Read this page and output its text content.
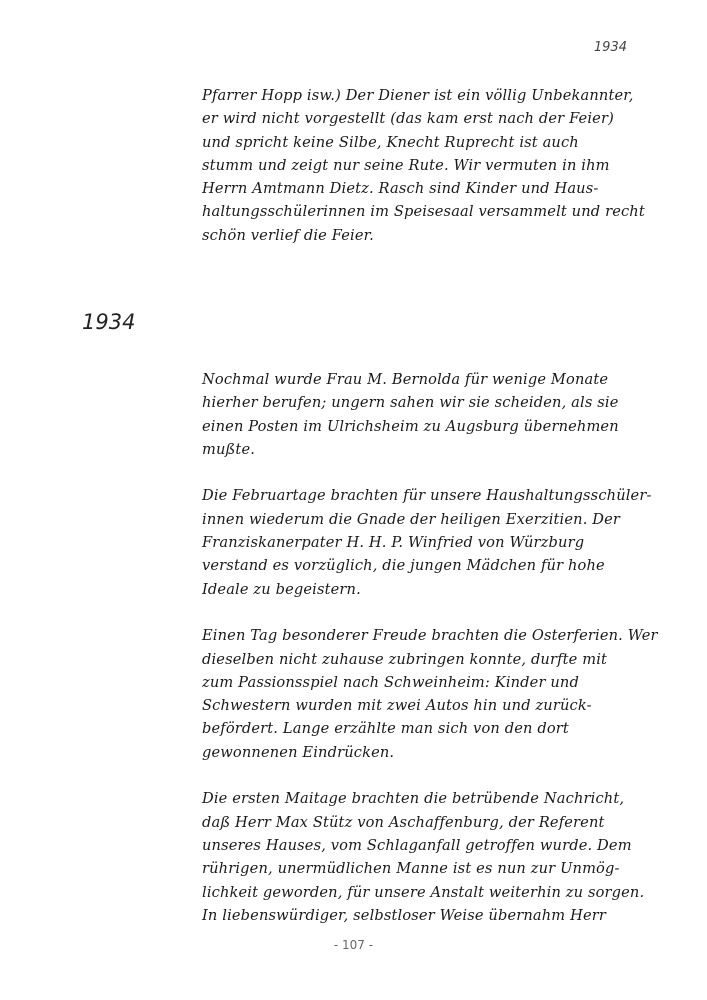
1934
Pfarrer Hopp isw.) Der Diener ist ein völlig Unbekannter,
er wird nicht vorgestellt (das kam erst nach der Feier)
und spricht keine Silbe, Knecht Ruprecht ist auch
stumm und zeigt nur seine Rute. Wir vermuten in ihm
Herrn Amtmann Dietz. Rasch sind Kinder und Haus-
haltungsschülerinnen im Speisesaal versammelt und recht
schön verlief die Feier.
1934
Nochmal wurde Frau M. Bernolda für wenige Monate
hierher berufen; ungern sahen wir sie scheiden, als sie
einen Posten im Ulrichsheim zu Augsburg übernehmen
mußte.
Die Februartage brachten für unsere Haushaltungsschüler-
innen wiederum die Gnade der heiligen Exerzitien. Der
Franziskanerpater H. H. P. Winfried von Würzburg
verstand es vorzüglich, die jungen Mädchen für hohe
Ideale zu begeistern.
Einen Tag besonderer Freude brachten die Osterferien. Wer
dieselben nicht zuhause zubringen konnte, durfte mit
zum Passionsspiel nach Schweinheim: Kinder und
Schwestern wurden mit zwei Autos hin und zurück-
befördert. Lange erzählte man sich von den dort
gewonnenen Eindrücken.
Die ersten Maitage brachten die betrübende Nachricht,
daß Herr Max Stütz von Aschaffenburg, der Referent
unseres Hauses, vom Schlaganfall getroffen wurde. Dem
rührigen, unermüdlichen Manne ist es nun zur Unmög-
lichkeit geworden, für unsere Anstalt weiterhin zu sorgen.
In liebenswürdiger, selbstloser Weise übernahm Herr
- 107 -
